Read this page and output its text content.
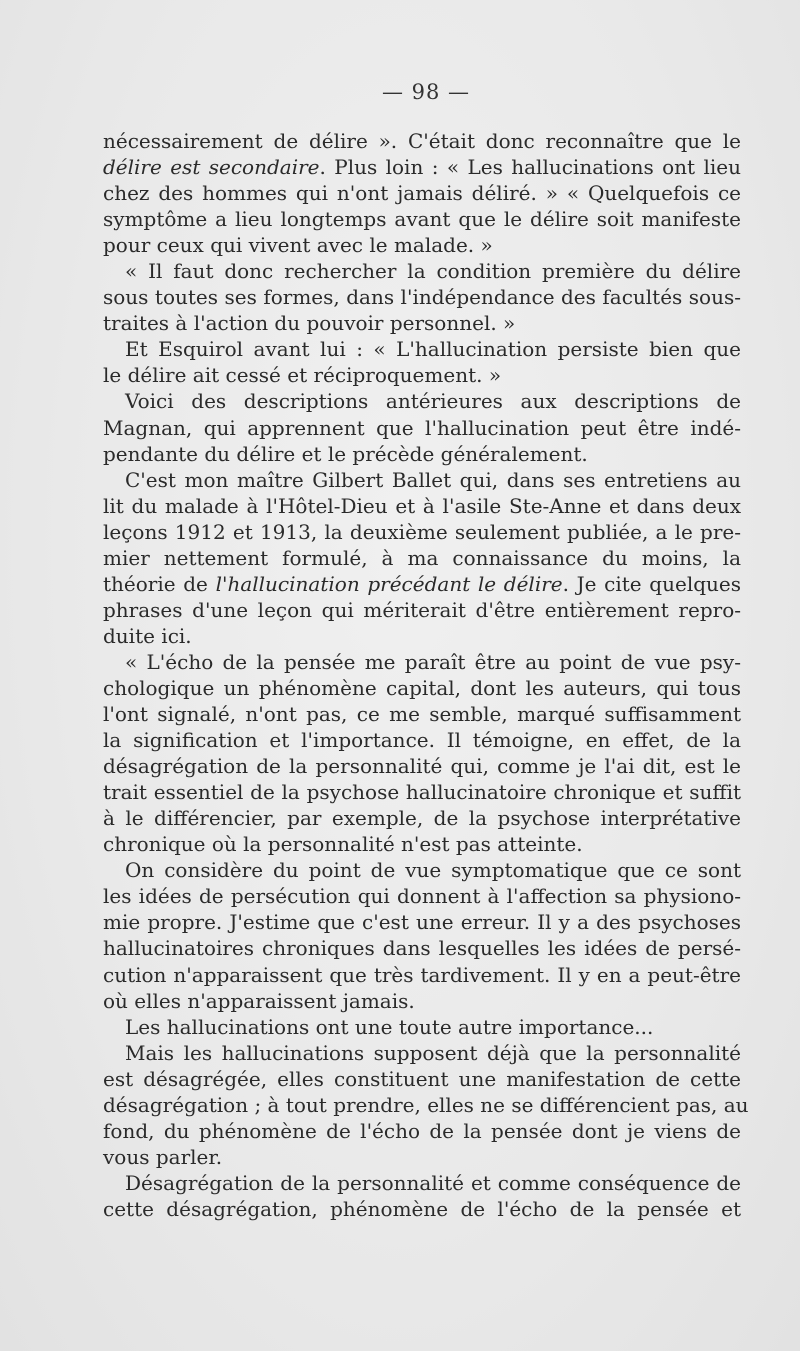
— 98 —
nécessairement de délire ». C'était donc reconnaître que le
délire est secondaire. Plus loin : « Les hallucinations ont lieu
chez des hommes qui n'ont jamais déliré. » « Quelquefois ce
symptôme a lieu longtemps avant que le délire soit manifeste
pour ceux qui vivent avec le malade. »
« Il faut donc rechercher la condition première du délire
sous toutes ses formes, dans l'indépendance des facultés sous-
traites à l'action du pouvoir personnel. »
Et Esquirol avant lui : « L'hallucination persiste bien que
le délire ait cessé et réciproquement. »
Voici des descriptions antérieures aux descriptions de
Magnan, qui apprennent que l'hallucination peut être indé-
pendante du délire et le précède généralement.
C'est mon maître Gilbert Ballet qui, dans ses entretiens au
lit du malade à l'Hôtel-Dieu et à l'asile Ste-Anne et dans deux
leçons 1912 et 1913, la deuxième seulement publiée, a le pre-
mier nettement formulé, à ma connaissance du moins, la
théorie de l'hallucination précédant le délire. Je cite quelques
phrases d'une leçon qui mériterait d'être entièrement repro-
duite ici.
« L'écho de la pensée me paraît être au point de vue psy-
chologique un phénomène capital, dont les auteurs, qui tous
l'ont signalé, n'ont pas, ce me semble, marqué suffisamment
la signification et l'importance. Il témoigne, en effet, de la
désagrégation de la personnalité qui, comme je l'ai dit, est le
trait essentiel de la psychose hallucinatoire chronique et suffit
à le différencier, par exemple, de la psychose interprétative
chronique où la personnalité n'est pas atteinte.
On considère du point de vue symptomatique que ce sont
les idées de persécution qui donnent à l'affection sa physiono-
mie propre. J'estime que c'est une erreur. Il y a des psychoses
hallucinatoires chroniques dans lesquelles les idées de persé-
cution n'apparaissent que très tardivement. Il y en a peut-être
où elles n'apparaissent jamais.
Les hallucinations ont une toute autre importance...
Mais les hallucinations supposent déjà que la personnalité
est désagrégée, elles constituent une manifestation de cette
désagrégation ; à tout prendre, elles ne se différencient pas, au
fond, du phénomène de l'écho de la pensée dont je viens de
vous parler.
Désagrégation de la personnalité et comme conséquence de
cette désagrégation, phénomène de l'écho de la pensée et
